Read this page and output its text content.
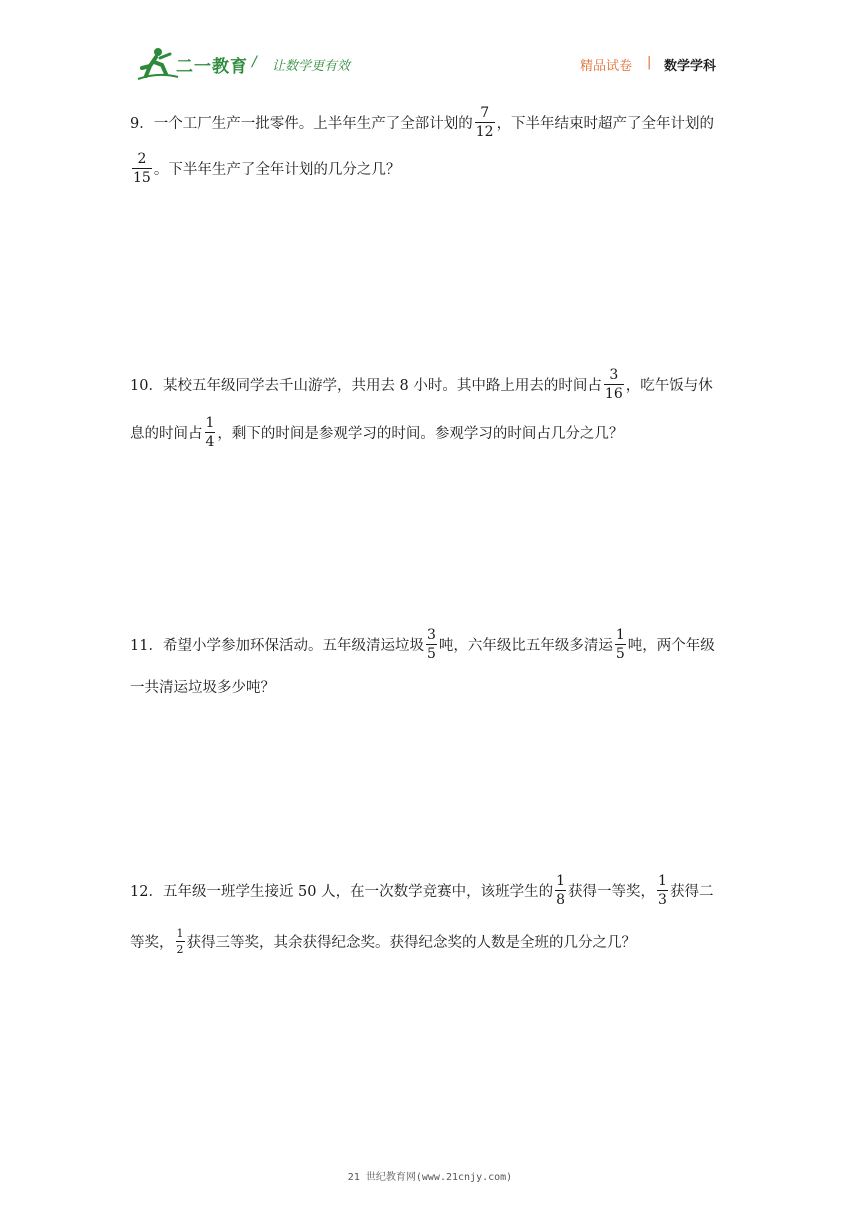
二一教育 / 让数学更有效	精品试卷 | 数学学科
9． 一个工厂生产一批零件。上半年生产了全部计划的 $\frac{7}{12}$ ，下半年结束时超产了全年计划的
$\frac{2}{15}$ 。下半年生产了全年计划的几分之几？
10． 某校五年级同学去千山游学，共用去 8 小时。其中路上用去的时间占 $\frac{3}{16}$ ，吃午饭与休
息的时间占 $\frac{1}{4}$ ，剩下的时间是参观学习的时间。参观学习的时间占几分之几？
11． 希望小学参加环保活动。五年级清运垃圾 $\frac{3}{5}$ 吨，六年级比五年级多清运 $\frac{1}{5}$ 吨，两个年级
一共清运垃圾多少吨？
12． 五年级一班学生接近 50 人，在一次数学竞赛中，该班学生的 $\frac{1}{8}$ 获得一等奖， $\frac{1}{3}$ 获得二
等奖， $\frac{1}{2}$ 获得三等奖，其余获得纪念奖。获得纪念奖的人数是全班的几分之几？
21 世纪教育网(www.21cnjy.com)
